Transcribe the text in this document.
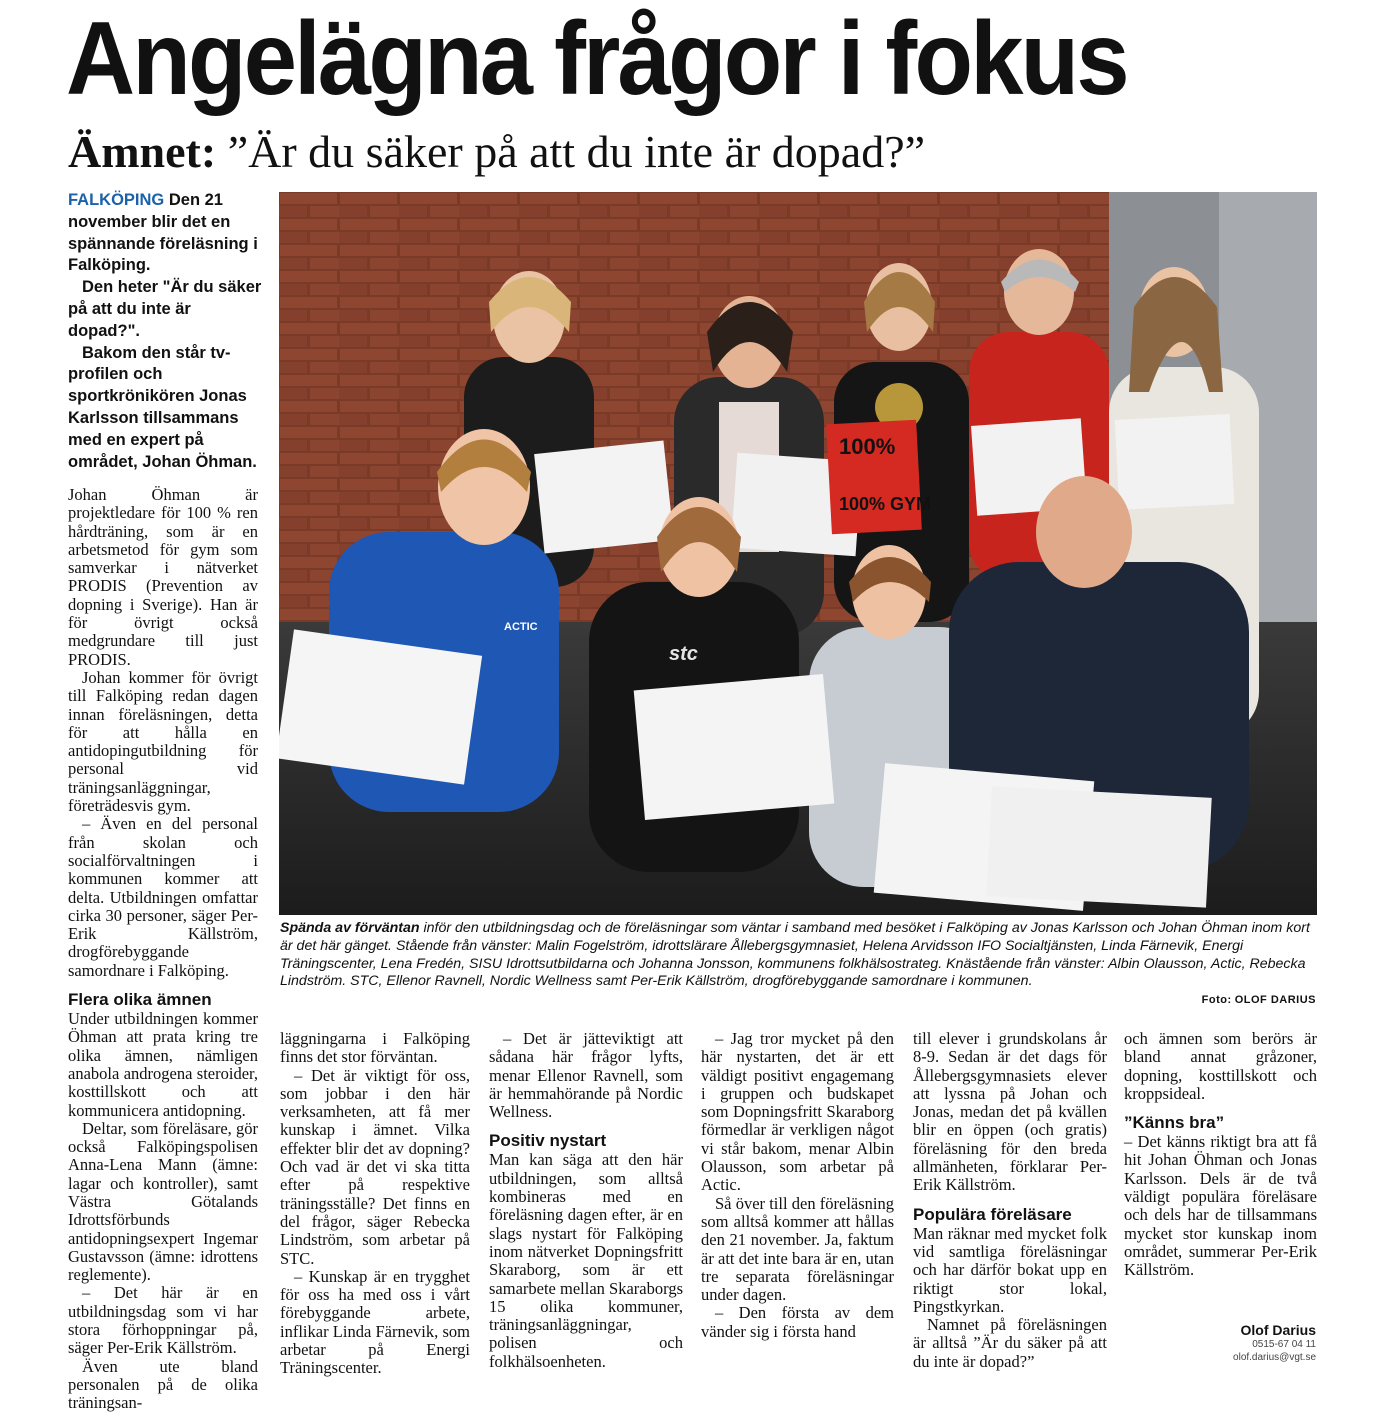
Angelägna frågor i fokus
Ämnet: ”Är du säker på att du inte är dopad?”

FALKÖPING Den 21 november blir det en spännande föreläsning i Falköping.

Den heter "Är du säker på att du inte är dopad?".

Bakom den står tv-profilen och sportkrönikören Jonas Karlsson tillsammans med en expert på området, Johan Öhman.

Johan Öhman är projektledare för 100 % ren hårdträning, som är en arbetsmetod för gym som samverkar i nätverket PRODIS (Prevention av dopning i Sverige). Han är för övrigt också medgrundare till just PRODIS.

Johan kommer för övrigt till Falköping redan dagen innan föreläsningen, detta för att hålla en antidopingutbildning för personal vid träningsanläggningar, företrädesvis gym.

– Även en del personal från skolan och socialförvaltningen i kommunen kommer att delta. Utbildningen omfattar cirka 30 personer, säger Per-Erik Källström, drogförebyggande samordnare i Falköping.

Flera olika ämnen

Under utbildningen kommer Öhman att prata kring tre olika ämnen, nämligen anabola androgena steroider, kosttillskott och att kommunicera antidopning.

Deltar, som föreläsare, gör också Falköpingspolisen Anna-Lena Mann (ämne: lagar och kontroller), samt Västra Götalands Idrottsförbunds antidopningsexpert Ingemar Gustavsson (ämne: idrottens reglemente).

– Det här är en utbildningsdag som vi har stora förhoppningar på, säger Per-Erik Källström.

Även ute bland personalen på de olika träningsan-

100%
100% GYM
ACTIC
stc
Spända av förväntan inför den utbildningsdag och de föreläsningar som väntar i samband med besöket i Falköping av Jonas Karlsson och Johan Öhman inom kort är det här gänget. Stående från vänster: Malin Fogelström, idrottslärare Ållebergsgymnasiet, Helena Arvidsson IFO Socialtjänsten, Linda Färnevik, Energi Träningscenter, Lena Fredén, SISU Idrottsutbildarna och Johanna Jonsson, kommunens folkhälsostrateg. Knästående från vänster: Albin Olausson, Actic, Rebecka Lindström. STC, Ellenor Ravnell, Nordic Wellness samt Per-Erik Källström, drogförebyggande samordnare i kommunen.
Foto: OLOF DARIUS

läggningarna i Falköping finns det stor förväntan.

– Det är viktigt för oss, som jobbar i den här verksamheten, att få mer kunskap i ämnet. Vilka effekter blir det av dopning? Och vad är det vi ska titta efter på respektive träningsställe? Det finns en del frågor, säger Rebecka Lindström, som arbetar på STC.

– Kunskap är en trygghet för oss ha med oss i vårt förebyggande arbete, inflikar Linda Färnevik, som arbetar på Energi Träningscenter.

– Det är jätteviktigt att sådana här frågor lyfts, menar Ellenor Ravnell, som är hemmahörande på Nordic Wellness.

Positiv nystart

Man kan säga att den här utbildningen, som alltså kombineras med en föreläsning dagen efter, är en slags nystart för Falköping inom nätverket Dopningsfritt Skaraborg, som är ett samarbete mellan Skaraborgs 15 olika kommuner, träningsanläggningar, polisen och folkhälsoenheten.

– Jag tror mycket på den här nystarten, det är ett väldigt positivt engagemang i gruppen och budskapet som Dopningsfritt Skaraborg förmedlar är verkligen något vi står bakom, menar Albin Olausson, som arbetar på Actic.

Så över till den föreläsning som alltså kommer att hållas den 21 november. Ja, faktum är att det inte bara är en, utan tre separata föreläsningar under dagen.

– Den första av dem vänder sig i första hand

till elever i grundskolans år 8-9. Sedan är det dags för Ållebergsgymnasiets elever att lyssna på Johan och Jonas, medan det på kvällen blir en öppen (och gratis) föreläsning för den breda allmänheten, förklarar Per-Erik Källström.

Populära föreläsare

Man räknar med mycket folk vid samtliga föreläsningar och har därför bokat upp en riktigt stor lokal, Pingstkyrkan.

Namnet på föreläsningen är alltså ”Är du säker på att du inte är dopad?”

och ämnen som berörs är bland annat gråzoner, dopning, kosttillskott och kroppsideal.

”Känns bra”

– Det känns riktigt bra att få hit Johan Öhman och Jonas Karlsson. Dels är de två väldigt populära föreläsare och dels har de tillsammans mycket stor kunskap inom området, summerar Per-Erik Källström.

Olof Darius
0515-67 04 11
olof.darius@vgt.se
